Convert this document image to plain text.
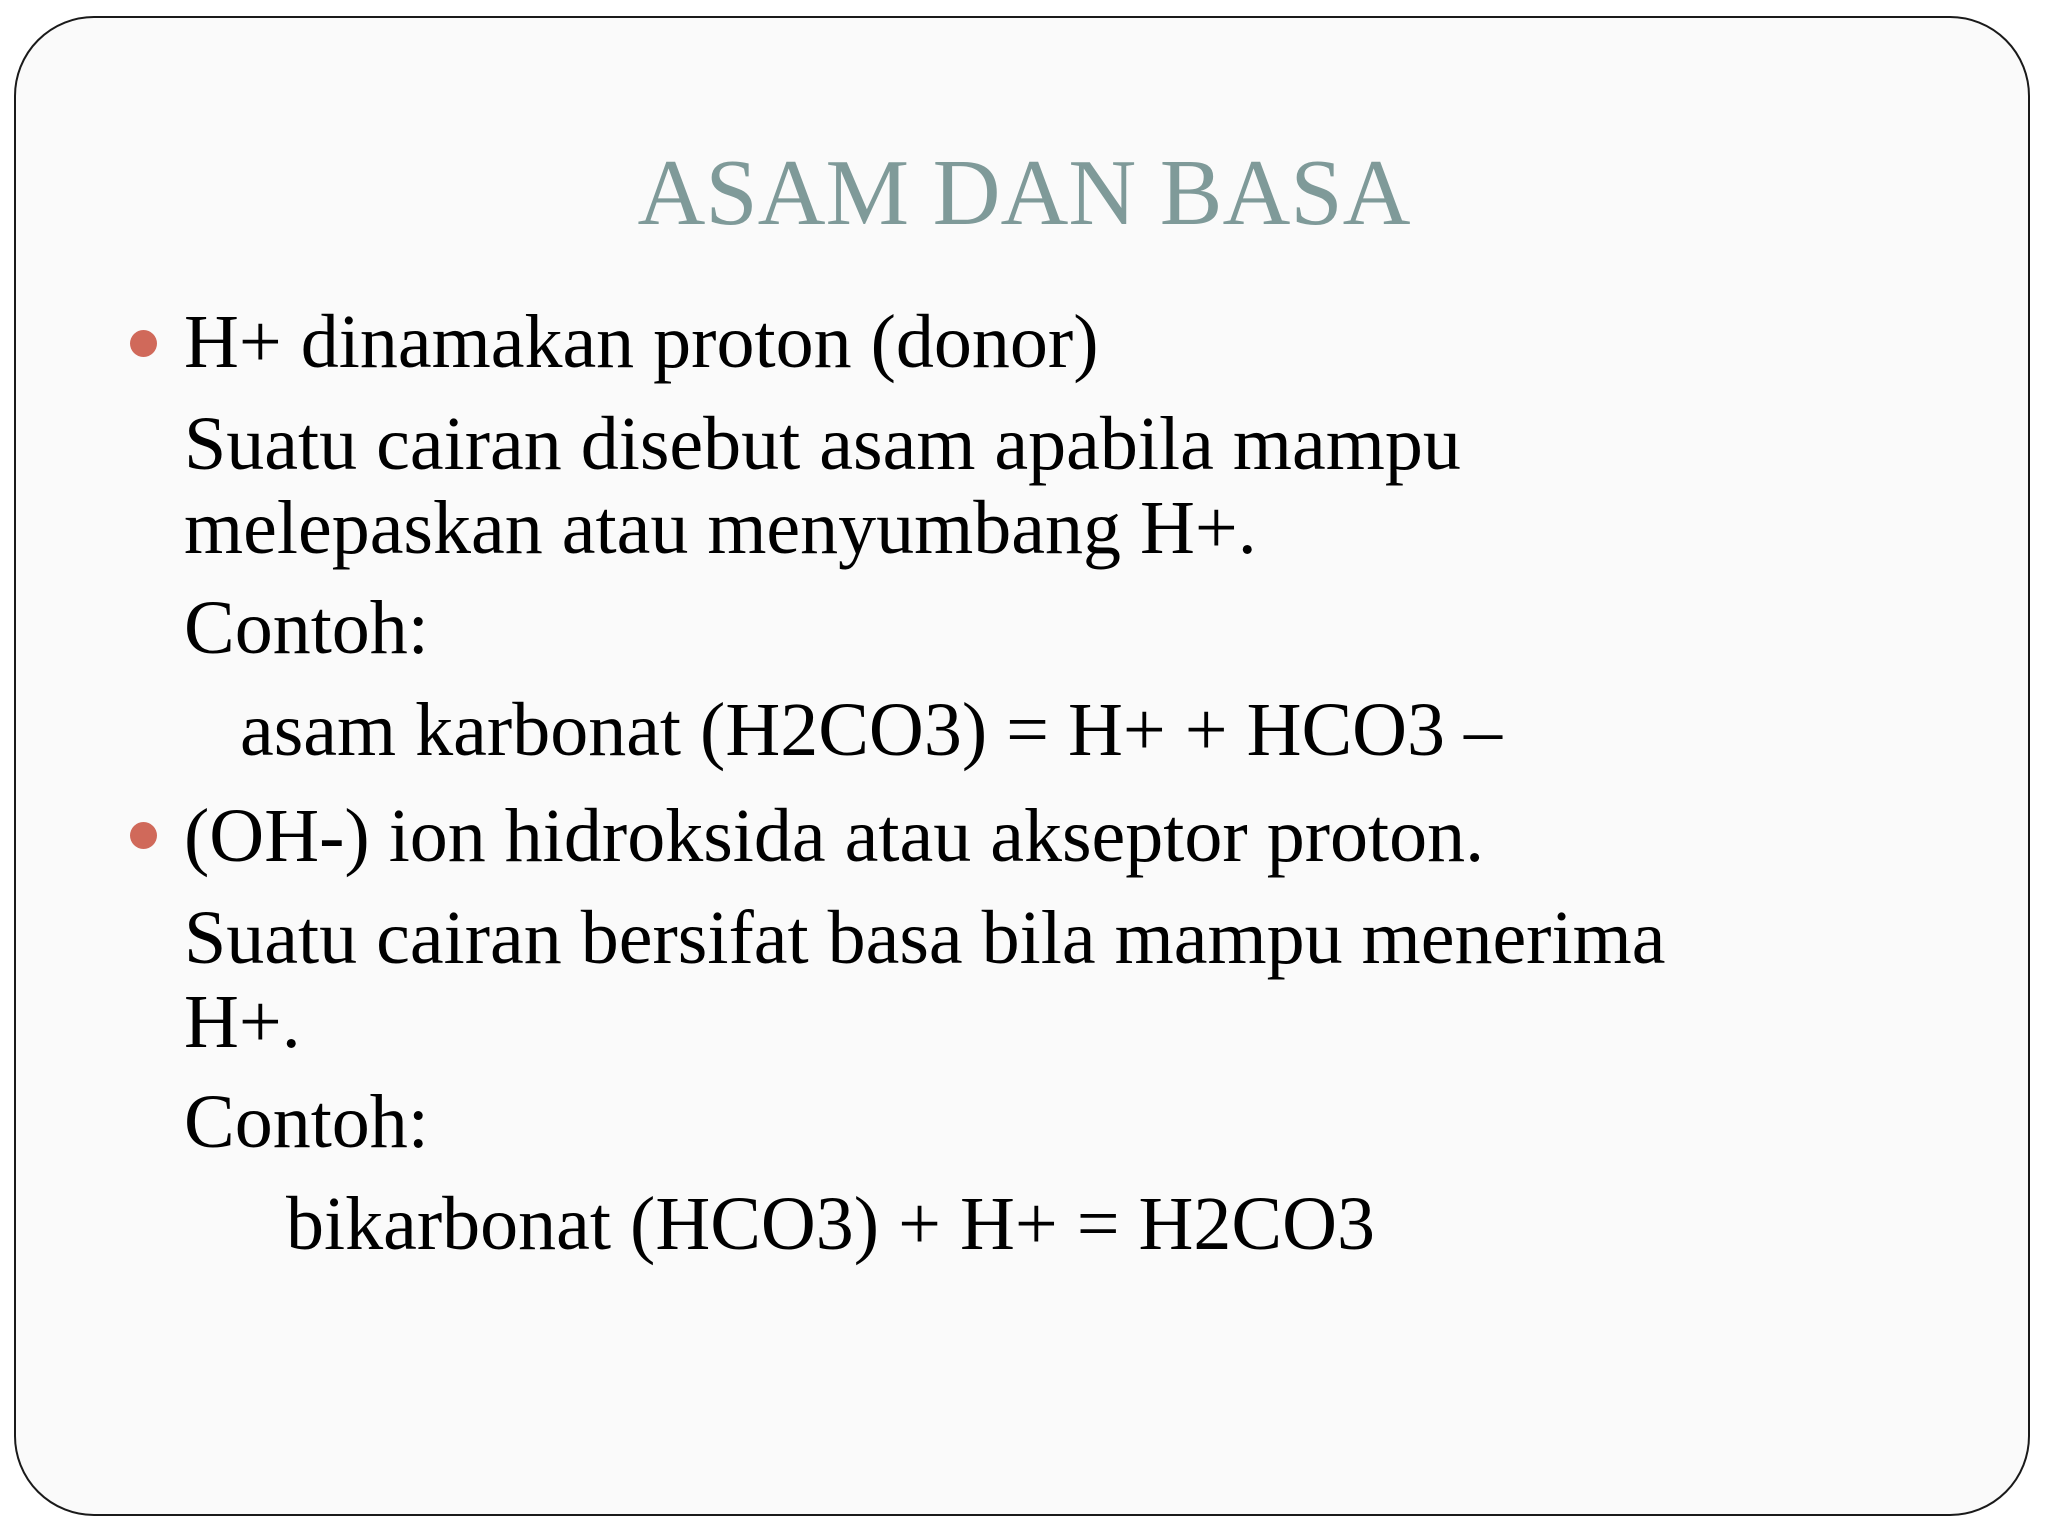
ASAM DAN BASA
H+ dinamakan proton (donor)
Suatu cairan disebut asam apabila mampu
melepaskan atau menyumbang H+.
Contoh:
asam karbonat (H2CO3) = H+ + HCO3 –
(OH-) ion hidroksida atau akseptor proton.
Suatu cairan bersifat basa bila mampu menerima
H+.
Contoh:
bikarbonat (HCO3) + H+ = H2CO3
